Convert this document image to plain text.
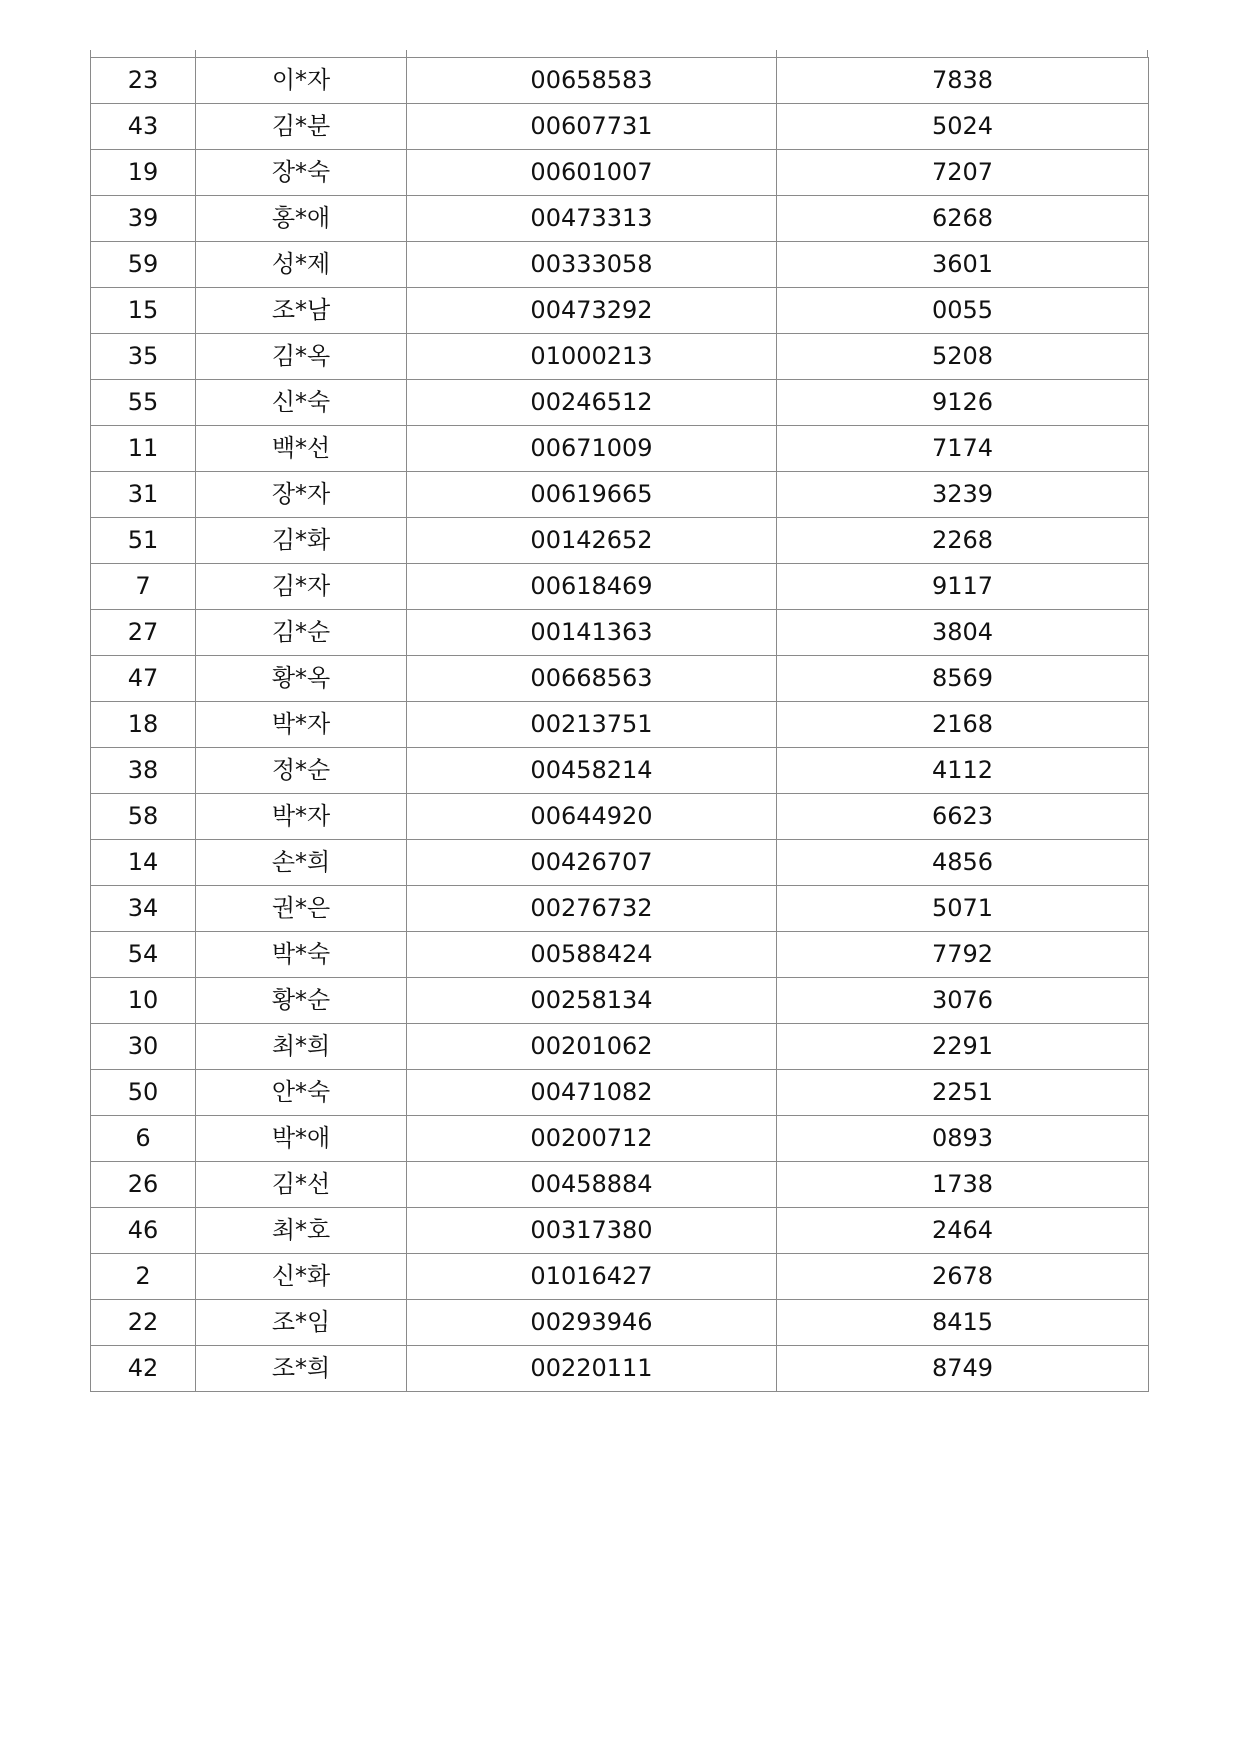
23	이*자	00658583	7838
43	김*분	00607731	5024
19	장*숙	00601007	7207
39	홍*애	00473313	6268
59	성*제	00333058	3601
15	조*남	00473292	0055
35	김*옥	01000213	5208
55	신*숙	00246512	9126
11	백*선	00671009	7174
31	장*자	00619665	3239
51	김*화	00142652	2268
7	김*자	00618469	9117
27	김*순	00141363	3804
47	황*옥	00668563	8569
18	박*자	00213751	2168
38	정*순	00458214	4112
58	박*자	00644920	6623
14	손*희	00426707	4856
34	권*은	00276732	5071
54	박*숙	00588424	7792
10	황*순	00258134	3076
30	최*희	00201062	2291
50	안*숙	00471082	2251
6	박*애	00200712	0893
26	김*선	00458884	1738
46	최*호	00317380	2464
2	신*화	01016427	2678
22	조*임	00293946	8415
42	조*희	00220111	8749
